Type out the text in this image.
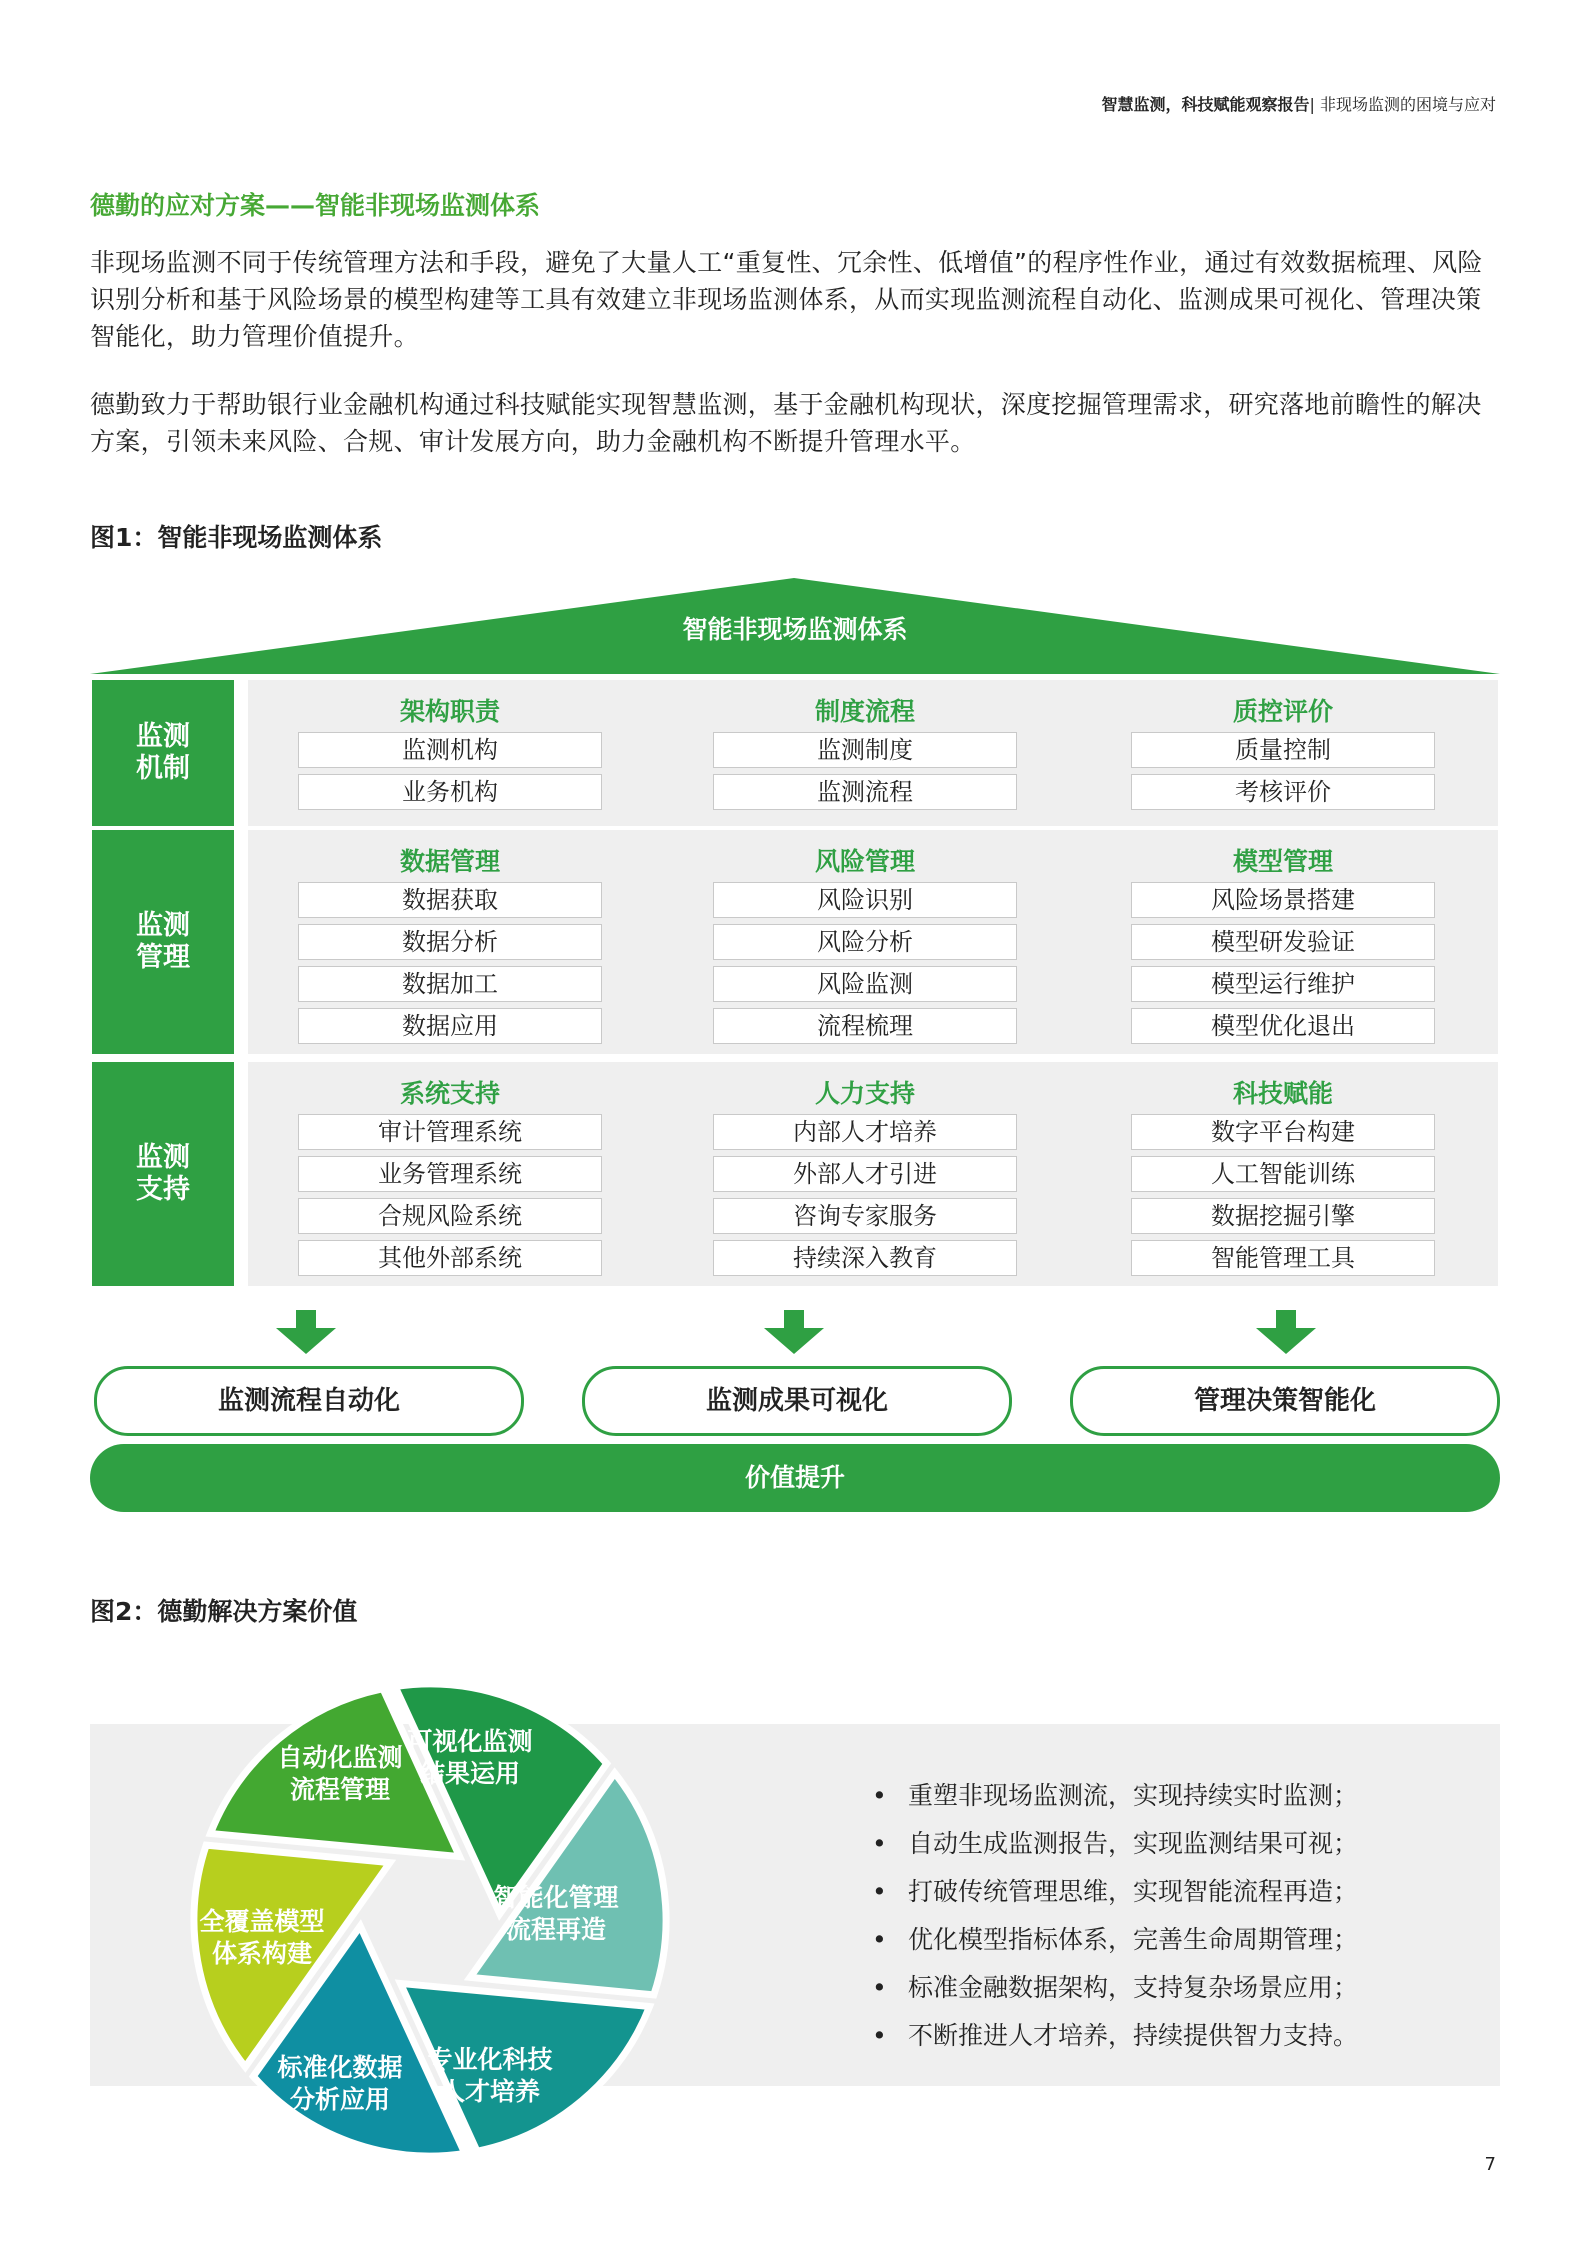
智慧监测，科技赋能观察报告| 非现场监测的困境与应对
德勤的应对方案——智能非现场监测体系
非现场监测不同于传统管理方法和手段，避免了大量人工“重复性、冗余性、低增值”的程序性作业，通过有效数据梳理、风险识别分析和基于风险场景的模型构建等工具有效建立非现场监测体系，从而实现监测流程自动化、监测成果可视化、管理决策智能化，助力管理价值提升。
德勤致力于帮助银行业金融机构通过科技赋能实现智慧监测，基于金融机构现状，深度挖掘管理需求，研究落地前瞻性的解决方案，引领未来风险、合规、审计发展方向，助力金融机构不断提升管理水平。
图1：智能非现场监测体系
智能非现场监测体系
监测
机制
架构职责
监测机构
业务机构
制度流程
监测制度
监测流程
质控评价
质量控制
考核评价
监测
管理
数据管理
数据获取
数据分析
数据加工
数据应用
风险管理
风险识别
风险分析
风险监测
流程梳理
模型管理
风险场景搭建
模型研发验证
模型运行维护
模型优化退出
监测
支持
系统支持
审计管理系统
业务管理系统
合规风险系统
其他外部系统
人力支持
内部人才培养
外部人才引进
咨询专家服务
持续深入教育
科技赋能
数字平台构建
人工智能训练
数据挖掘引擎
智能管理工具
监测流程自动化	监测成果可视化	管理决策智能化
价值提升
图2：德勤解决方案价值
自动化监测
流程管理
可视化监测
结果运用
智能化管理
流程再造
专业化科技
人才培养
标准化数据
分析应用
全覆盖模型
体系构建
• 重塑非现场监测流，实现持续实时监测；
• 自动生成监测报告，实现监测结果可视；
• 打破传统管理思维，实现智能流程再造；
• 优化模型指标体系，完善生命周期管理；
• 标准金融数据架构，支持复杂场景应用；
• 不断推进人才培养，持续提供智力支持。
7
